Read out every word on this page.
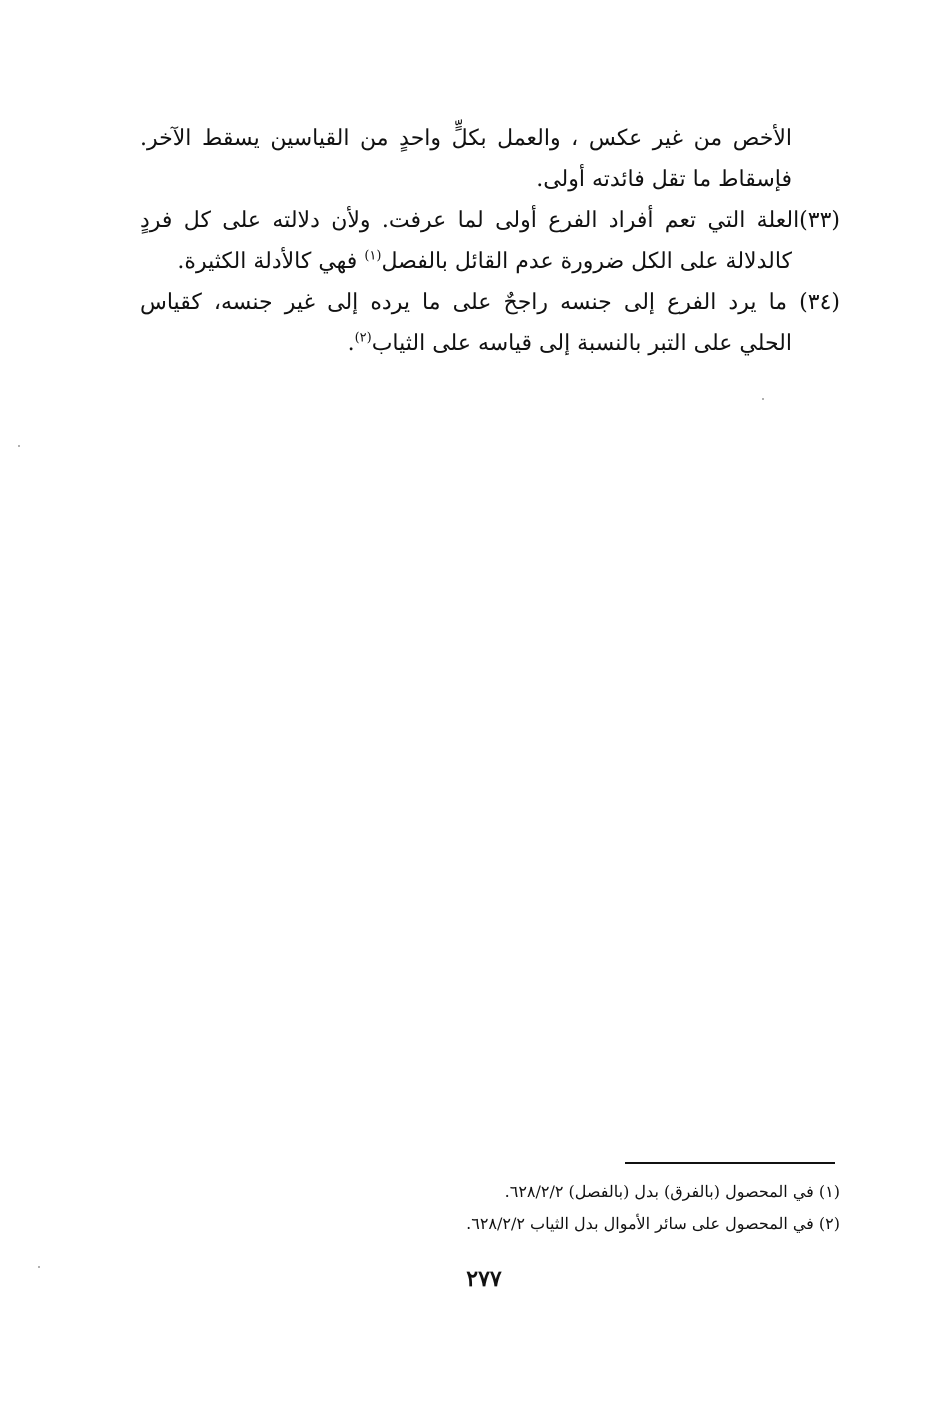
الأخص من غير عكس ، والعمل بكلٍّ واحدٍ من القياسين يسقط الآخر.
فإسقاط ما تقل فائدته أولى.
(٣٣)العلة التي تعم أفراد الفرع أولى لما عرفت. ولأن دلالته على كل فردٍ
كالدلالة على الكل ضرورة عدم القائل بالفصل$^{(١)}$ فهي كالأدلة الكثيرة.
(٣٤) ما يرد الفرع إلى جنسه راجحٌ على ما يرده إلى غير جنسه، كقياس
الحلي على التبر بالنسبة إلى قياسه على الثياب$^{(٢)}$.
(١) في المحصول (بالفرق) بدل (بالفصل) ٦٢٨/٢/٢.
(٢) في المحصول على سائر الأموال بدل الثياب ٦٢٨/٢/٢.
٢٧٧
